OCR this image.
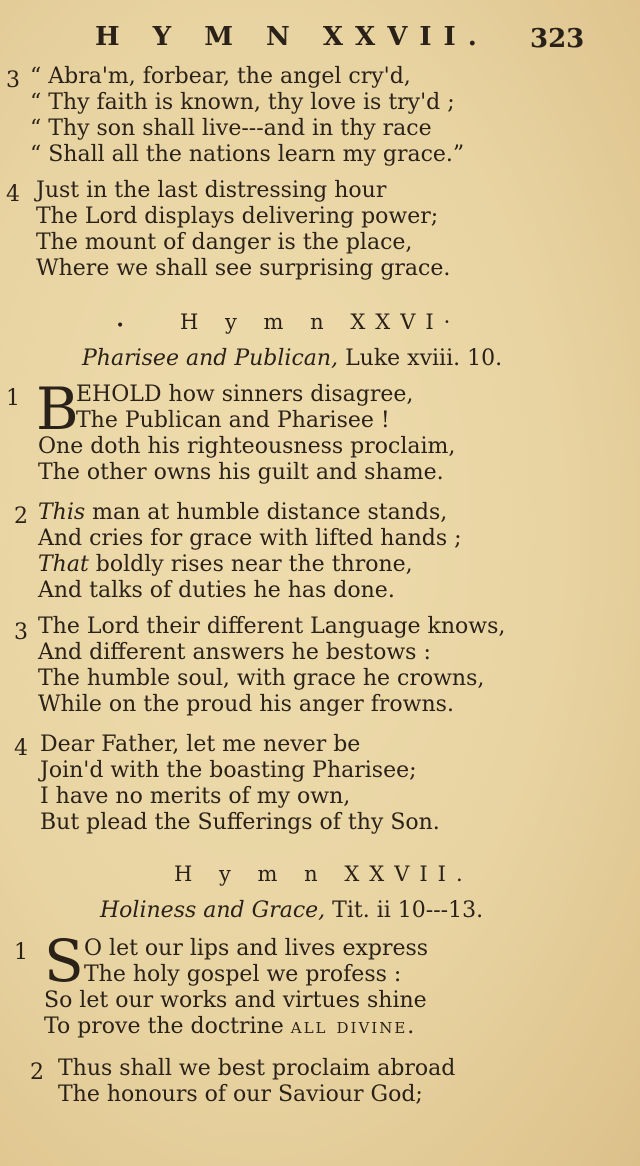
H Y M N XXVII. 323
3 “ Abra'm, forbear, the angel cry'd,
“ Thy faith is known, thy love is try'd ;
“ Thy son shall live---and in thy race
“ Shall all the nations learn my grace.”
4 Just in the last distressing hour
The Lord displays delivering power;
The mount of danger is the place,
Where we shall see surprising grace.
•	H y m n XXVI·
Pharisee and Publican, Luke xviii. 10.
1 B
EHOLD how sinners disagree,
The Publican and Pharisee !
One doth his righteousness proclaim,
The other owns his guilt and shame.
2 This man at humble distance stands,
And cries for grace with lifted hands ;
That boldly rises near the throne,
And talks of duties he has done.
3 The Lord their different Language knows,
And different answers he bestows :
The humble soul, with grace he crowns,
While on the proud his anger frowns.
4 Dear Father, let me never be
Join'd with the boasting Pharisee;
I have no merits of my own,
But plead the Sufferings of thy Son.
H y m n XXVII.
Holiness and Grace, Tit. ii 10---13.
1 S O let our lips and lives express
The holy gospel we profess :
So let our works and virtues shine
To prove the doctrine all divine.
2 Thus shall we best proclaim abroad
The honours of our Saviour God;
